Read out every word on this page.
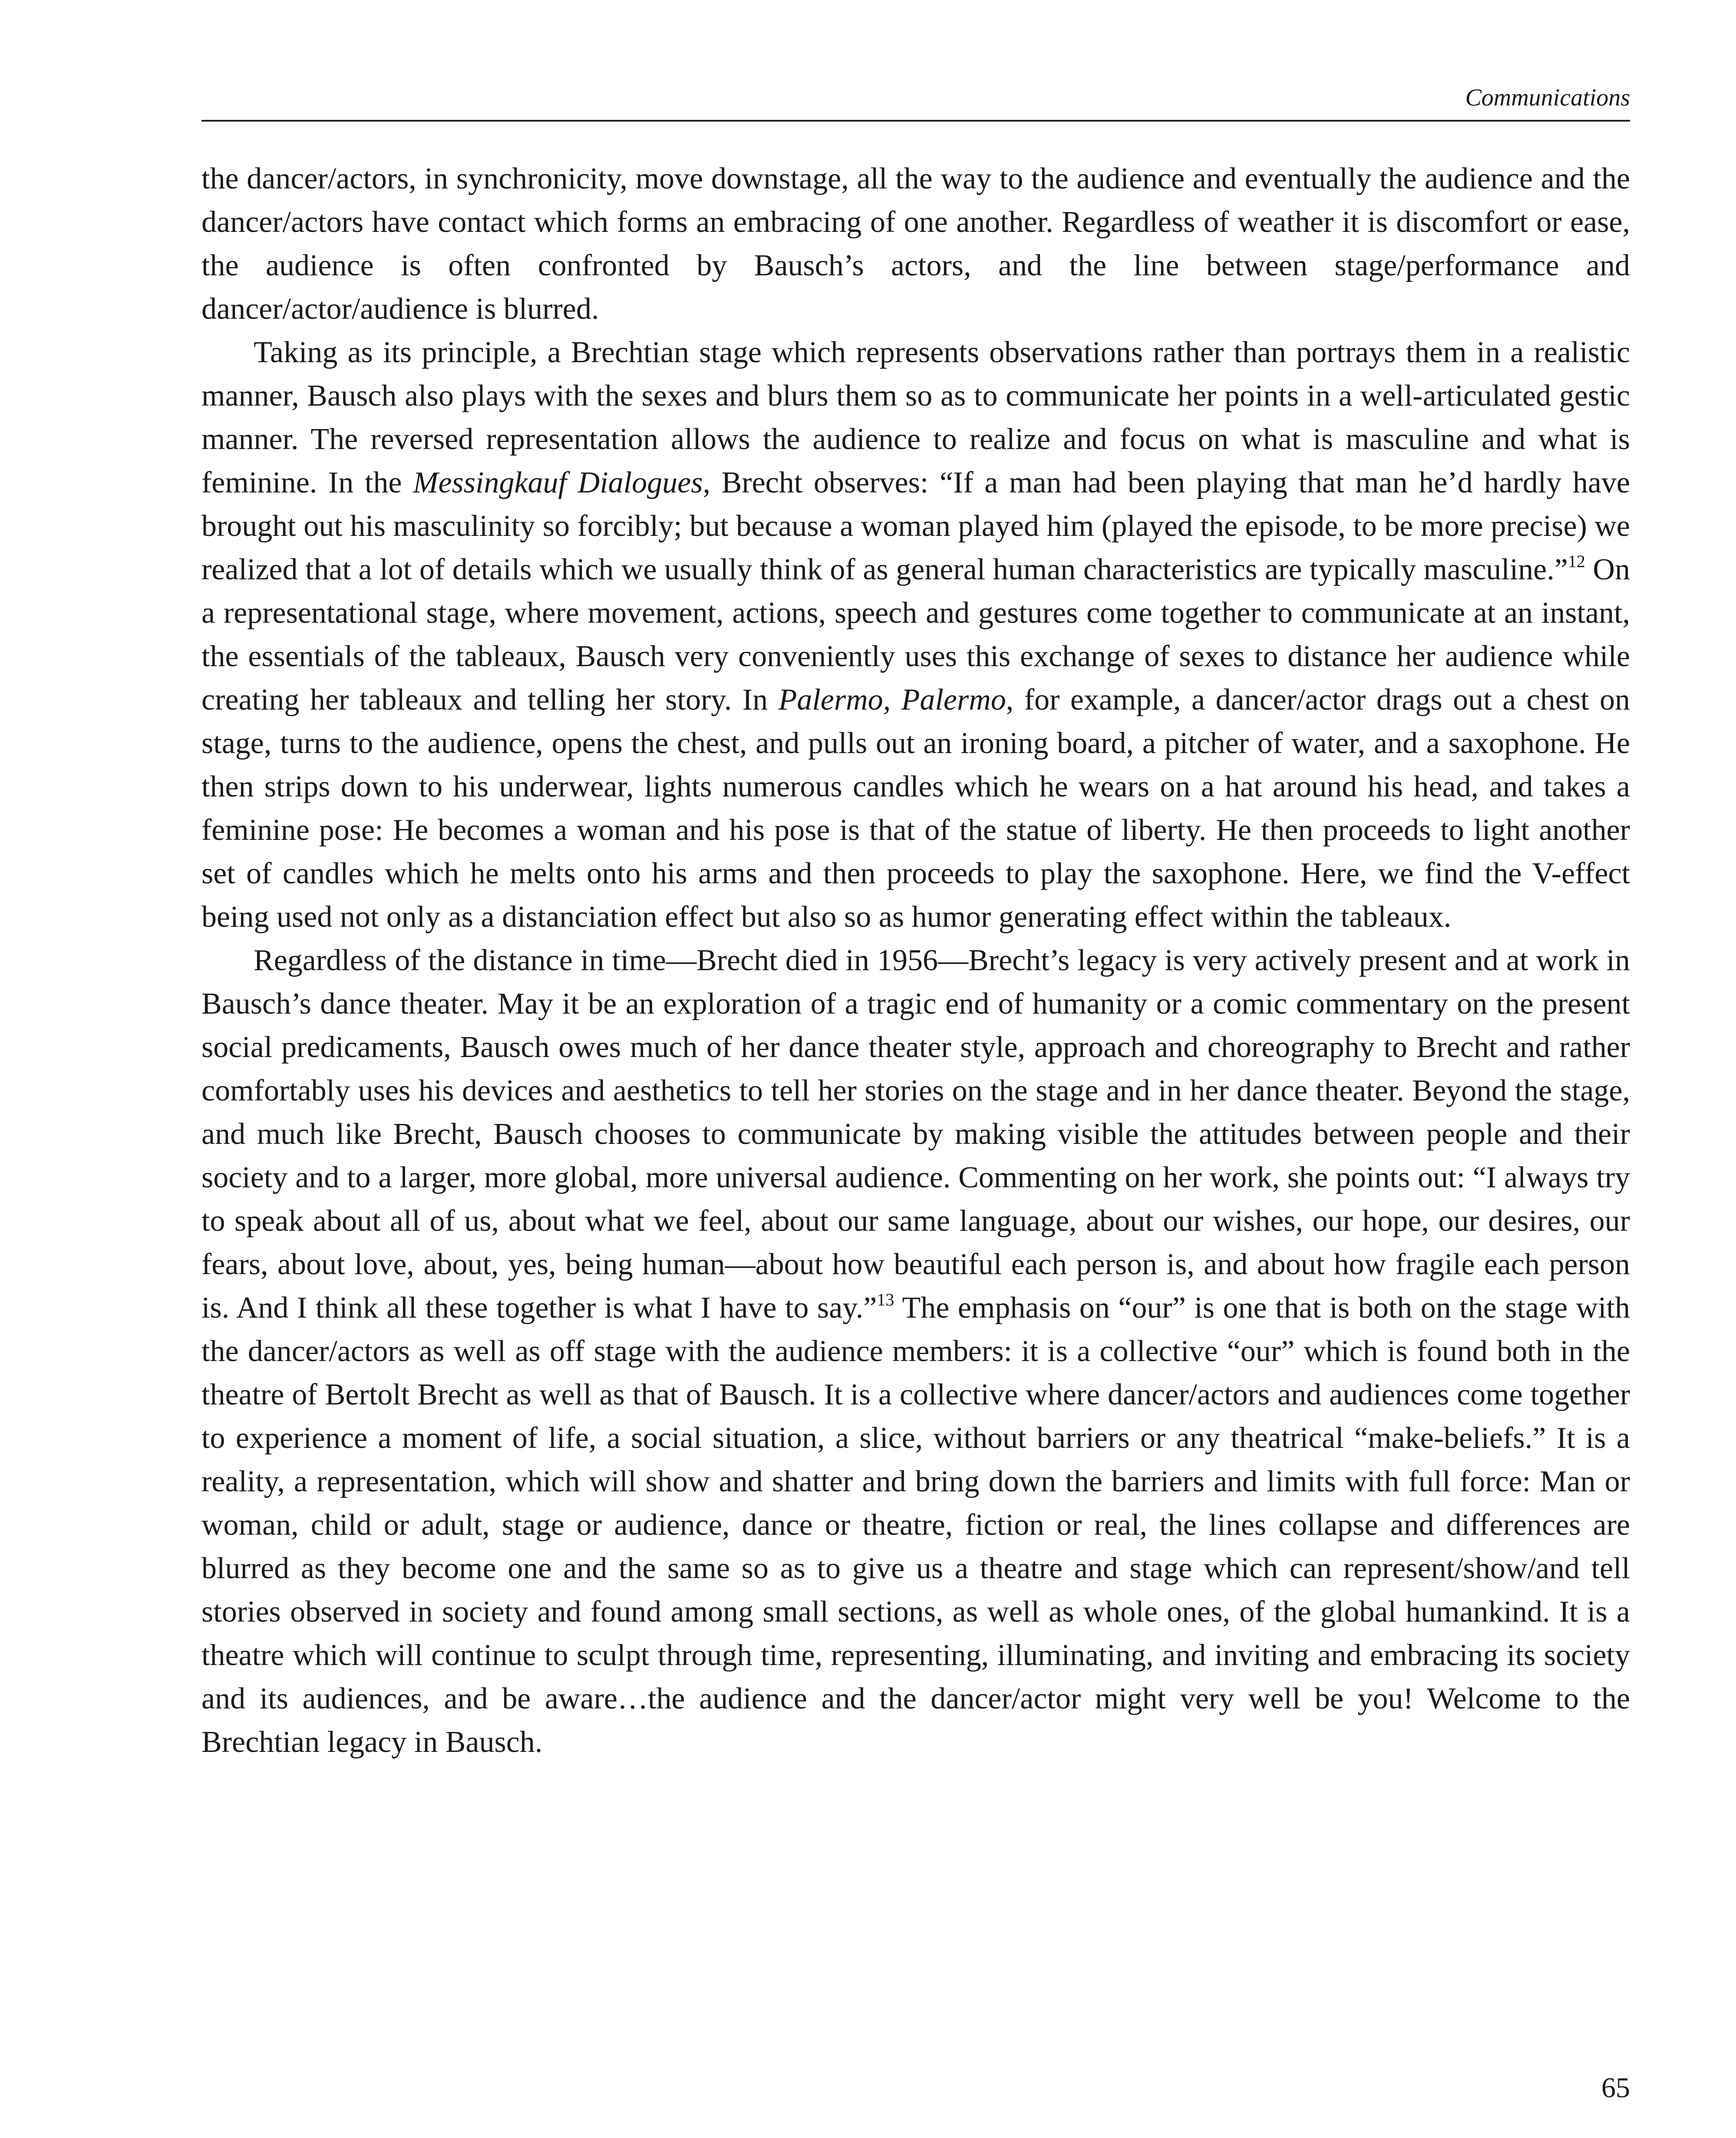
Communications

the dancer/actors, in synchronicity, move downstage, all the way to the audience and eventually the audience and the dancer/actors have contact which forms an embracing of one another. Regardless of weather it is discomfort or ease, the audience is often confronted by Bausch’s actors, and the line between stage/performance and dancer/actor/audience is blurred.

Taking as its principle, a Brechtian stage which represents observations rather than portrays them in a realistic manner, Bausch also plays with the sexes and blurs them so as to communicate her points in a well-articulated gestic manner. The reversed representation allows the audience to realize and focus on what is masculine and what is feminine. In the Messingkauf Dialogues, Brecht observes: “If a man had been playing that man he’d hardly have brought out his masculinity so forcibly; but because a woman played him (played the episode, to be more precise) we realized that a lot of details which we usually think of as general human characteristics are typically masculine.”$^{12}$ On a representational stage, where movement, actions, speech and gestures come together to communicate at an instant, the essentials of the tableaux, Bausch very conveniently uses this exchange of sexes to distance her audience while creating her tableaux and telling her story. In Palermo, Palermo, for example, a dancer/actor drags out a chest on stage, turns to the audience, opens the chest, and pulls out an ironing board, a pitcher of water, and a saxophone. He then strips down to his underwear, lights numerous candles which he wears on a hat around his head, and takes a feminine pose: He becomes a woman and his pose is that of the statue of liberty. He then proceeds to light another set of candles which he melts onto his arms and then proceeds to play the saxophone. Here, we find the V-effect being used not only as a distanciation effect but also so as humor generating effect within the tableaux.

Regardless of the distance in time—Brecht died in 1956—Brecht’s legacy is very actively present and at work in Bausch’s dance theater. May it be an exploration of a tragic end of humanity or a comic commentary on the present social predicaments, Bausch owes much of her dance theater style, approach and choreography to Brecht and rather comfortably uses his devices and aesthetics to tell her stories on the stage and in her dance theater. Beyond the stage, and much like Brecht, Bausch chooses to communicate by making visible the attitudes between people and their society and to a larger, more global, more universal audience. Commenting on her work, she points out: “I always try to speak about all of us, about what we feel, about our same language, about our wishes, our hope, our desires, our fears, about love, about, yes, being human—about how beautiful each person is, and about how fragile each person is. And I think all these together is what I have to say.”$^{13}$ The emphasis on “our” is one that is both on the stage with the dancer/actors as well as off stage with the audience members: it is a collective “our” which is found both in the theatre of Bertolt Brecht as well as that of Bausch. It is a collective where dancer/actors and audiences come together to experience a moment of life, a social situation, a slice, without barriers or any theatrical “make-beliefs.” It is a reality, a representation, which will show and shatter and bring down the barriers and limits with full force: Man or woman, child or adult, stage or audience, dance or theatre, fiction or real, the lines collapse and differences are blurred as they become one and the same so as to give us a theatre and stage which can represent/show/and tell stories observed in society and found among small sections, as well as whole ones, of the global humankind. It is a theatre which will continue to sculpt through time, representing, illuminating, and inviting and embracing its society and its audiences, and be aware…the audience and the dancer/actor might very well be you! Welcome to the Brechtian legacy in Bausch.

65
